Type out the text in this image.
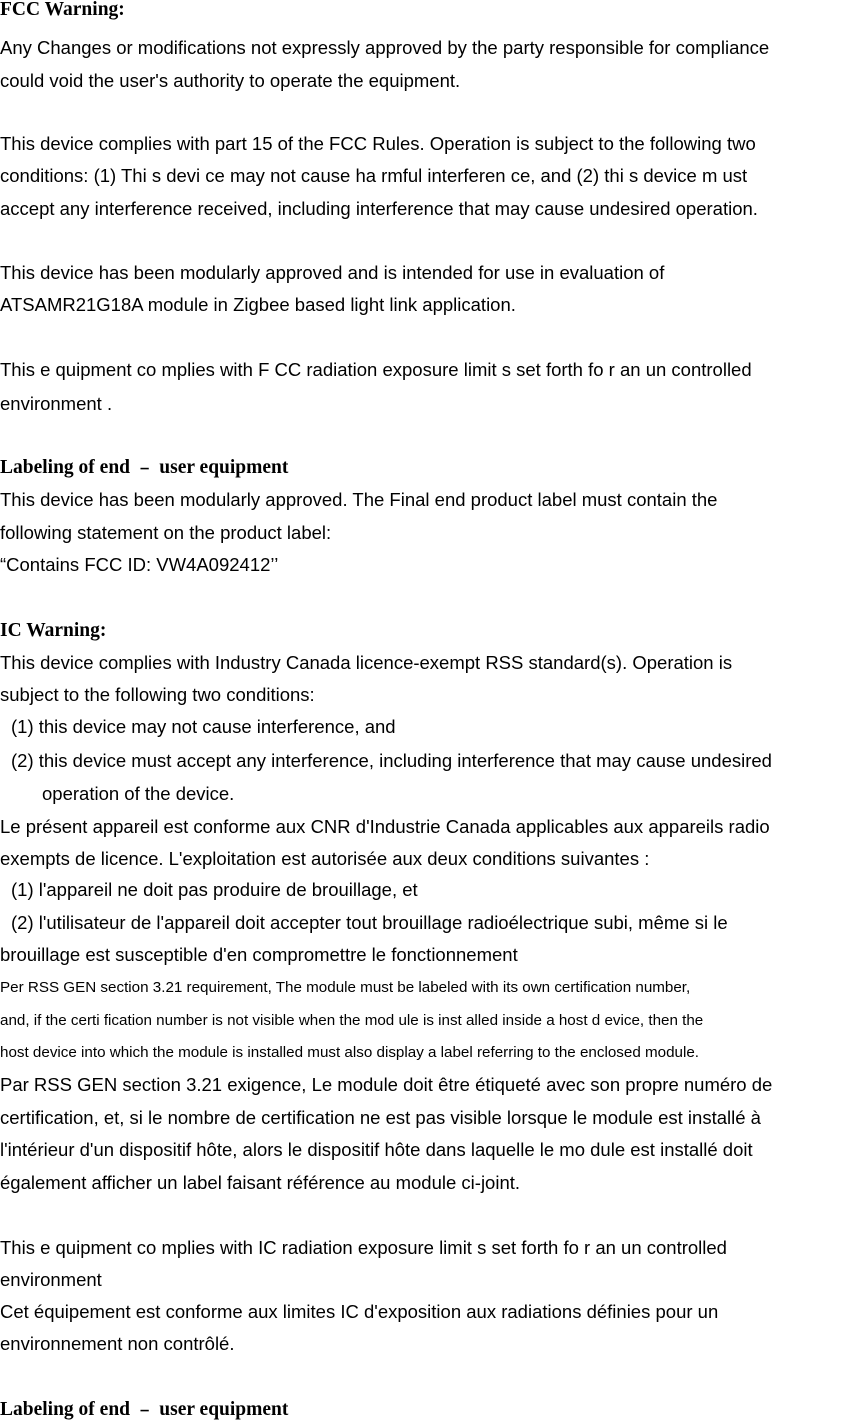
FCC Warning:
Any Changes or modifications not expressly approved by the party responsible for compliance
could void the user's authority to operate the equipment.
This device complies with part 15 of the FCC Rules. Operation is subject to the following two
conditions: (1) Thi s devi ce may not cause ha rmful interferen ce, and (2) thi s device m ust
accept any interference received, including interference that may cause undesired operation.
This device has been modularly approved and is intended for use in evaluation of
ATSAMR21G18A module in Zigbee based light link application.
This e quipment co mplies with F CC radiation exposure limit s set forth fo r an un controlled
environment .
Labeling of end ﹣ user equipment
This device has been modularly approved. The Final end product label must contain the
following statement on the product label:
“Contains FCC ID: VW4A092412’’
IC Warning:
This device complies with Industry Canada licence-exempt RSS standard(s). Operation is
subject to the following two conditions:
(1) this device may not cause interference, and
(2) this device must accept any interference, including interference that may cause undesired
operation of the device.
Le présent appareil est conforme aux CNR d'Industrie Canada applicables aux appareils radio
exempts de licence. L'exploitation est autorisée aux deux conditions suivantes :
(1) l'appareil ne doit pas produire de brouillage, et
(2) l'utilisateur de l'appareil doit accepter tout brouillage radioélectrique subi, même si le
brouillage est susceptible d'en compromettre le fonctionnement
Per RSS GEN section 3.21 requirement, The module must be labeled with its own certification number,
and, if the certi fication number is not visible when the mod ule is inst alled inside a host d evice, then the
host device into which the module is installed must also display a label referring to the enclosed module.
Par RSS GEN section 3.21 exigence, Le module doit être étiqueté avec son propre numéro de
certification, et, si le nombre de certification ne est pas visible lorsque le module est installé à
l'intérieur d'un dispositif hôte, alors le dispositif hôte dans laquelle le mo dule est installé doit
également afficher un label faisant référence au module ci-joint.
This e quipment co mplies with IC radiation exposure limit s set forth fo r an un controlled
environment
Cet équipement est conforme aux limites IC d'exposition aux radiations définies pour un
environnement non contrôlé.
Labeling of end ﹣ user equipment
